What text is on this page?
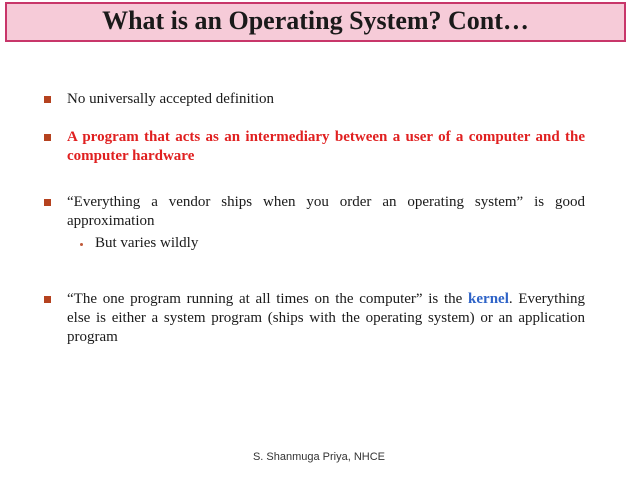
What is an Operating System? Cont…
No universally accepted definition
A program that acts as an intermediary between a user of a computer and the computer hardware
“Everything a vendor ships when you order an operating system” is good approximation
But varies wildly
“The one program running at all times on the computer” is the kernel. Everything else is either a system program (ships with the operating system) or an application program
S. Shanmuga Priya, NHCE
